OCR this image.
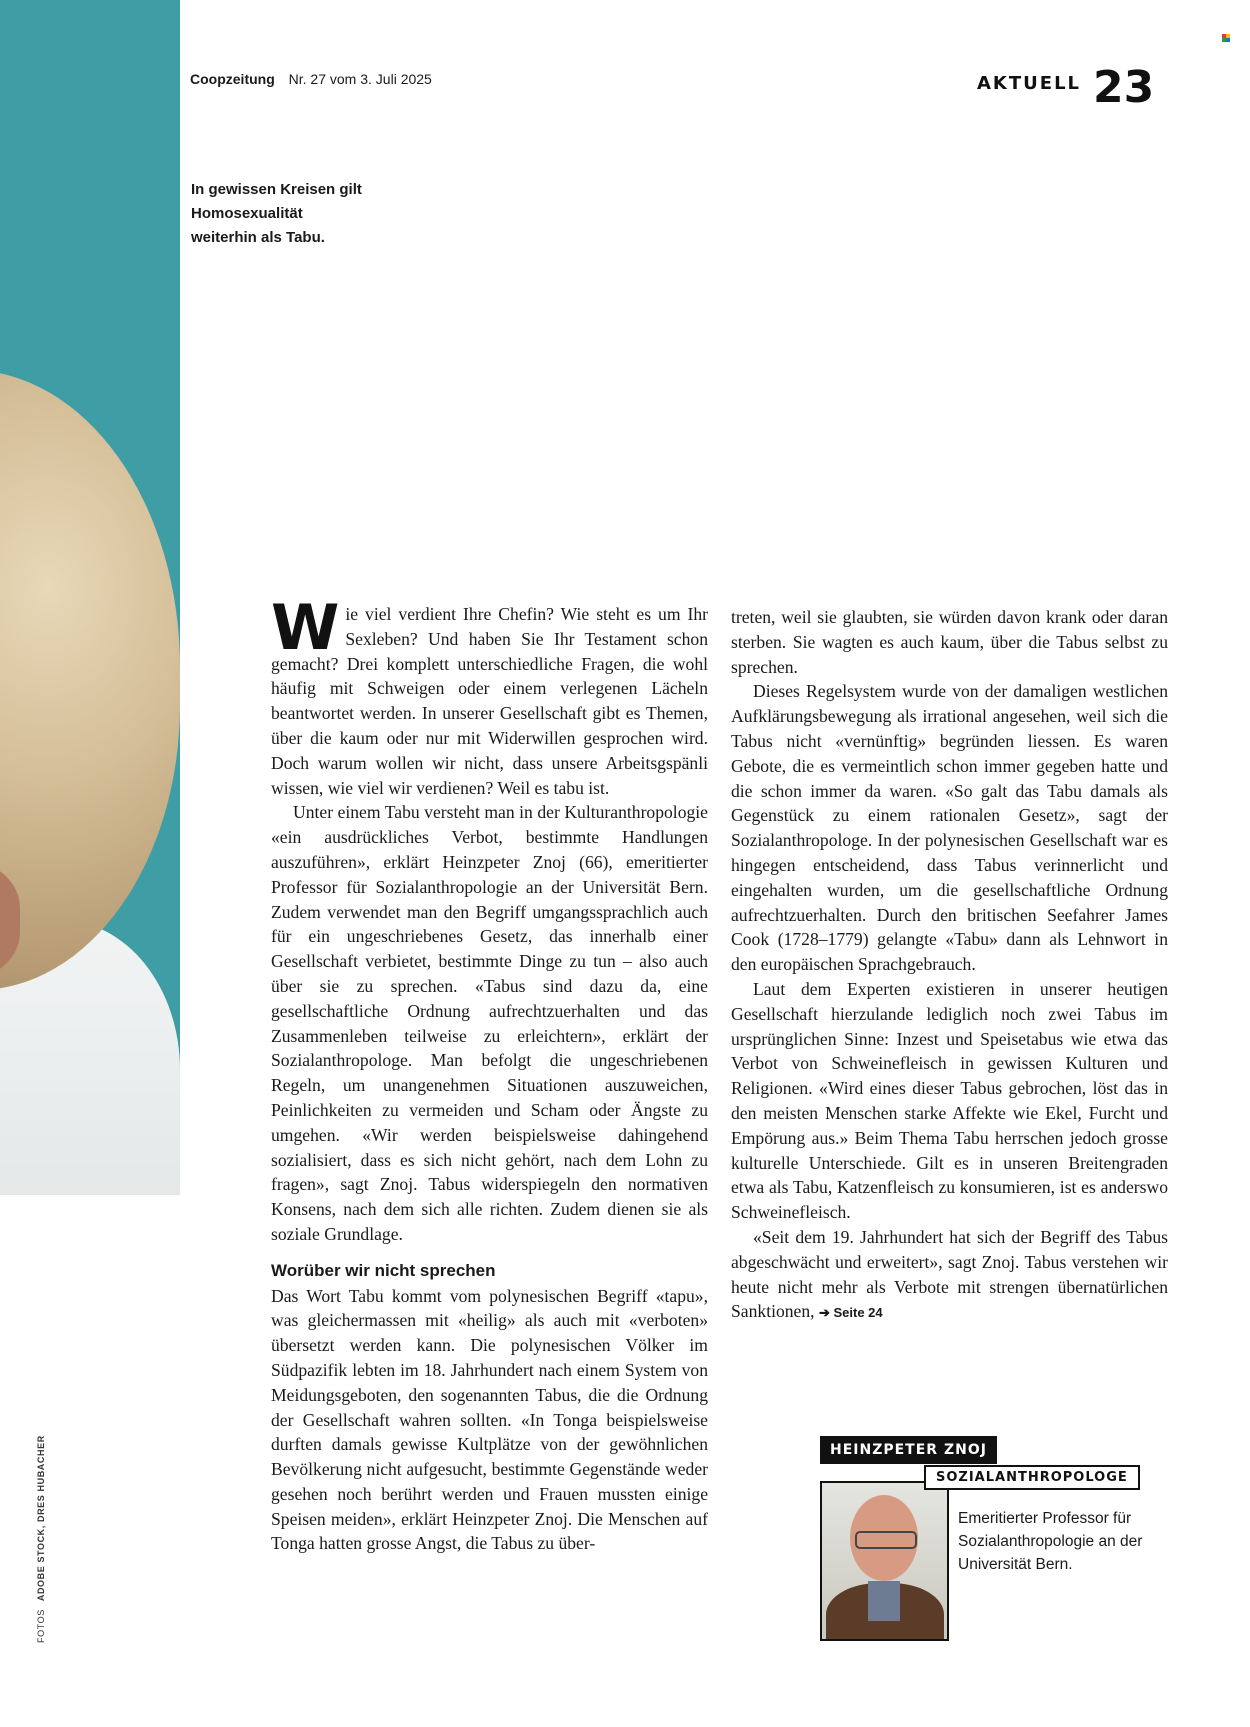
Coopzeitung Nr. 27 vom 3. Juli 2025	AKTUELL 23
In gewissen Kreisen gilt Homosexualität weiterhin als Tabu.

Wie viel verdient Ihre Chefin? Wie steht es um Ihr Sexleben? Und haben Sie Ihr Testament schon gemacht? Drei komplett unterschiedliche Fragen, die wohl häufig mit Schweigen oder einem verlegenen Lächeln beantwortet werden. In unserer Gesellschaft gibt es Themen, über die kaum oder nur mit Widerwillen gesprochen wird. Doch warum wollen wir nicht, dass unsere Arbeitsgspänli wissen, wie viel wir verdienen? Weil es tabu ist.

Unter einem Tabu versteht man in der Kulturanthropologie «ein ausdrückliches Verbot, bestimmte Handlungen auszuführen», erklärt Heinzpeter Znoj (66), emeritierter Professor für Sozialanthropologie an der Universität Bern. Zudem verwendet man den Begriff umgangssprachlich auch für ein ungeschriebenes Gesetz, das innerhalb einer Gesellschaft verbietet, bestimmte Dinge zu tun – also auch über sie zu sprechen. «Tabus sind dazu da, eine gesellschaftliche Ordnung aufrechtzuerhalten und das Zusammenleben teilweise zu erleichtern», erklärt der Sozialanthropologe. Man befolgt die ungeschriebenen Regeln, um unangenehmen Situationen auszuweichen, Peinlichkeiten zu vermeiden und Scham oder Ängste zu umgehen. «Wir werden beispielsweise dahingehend sozialisiert, dass es sich nicht gehört, nach dem Lohn zu fragen», sagt Znoj. Tabus widerspiegeln den normativen Konsens, nach dem sich alle richten. Zudem dienen sie als soziale Grundlage.

Worüber wir nicht sprechen

Das Wort Tabu kommt vom polynesischen Begriff «tapu», was gleichermassen mit «heilig» als auch mit «verboten» übersetzt werden kann. Die polynesischen Völker im Südpazifik lebten im 18. Jahrhundert nach einem System von Meidungsgeboten, den sogenannten Tabus, die die Ordnung der Gesellschaft wahren sollten. «In Tonga beispielsweise durften damals gewisse Kultplätze von der gewöhnlichen Bevölkerung nicht aufgesucht, bestimmte Gegenstände weder gesehen noch berührt werden und Frauen mussten einige Speisen meiden», erklärt Heinzpeter Znoj. Die Menschen auf Tonga hatten grosse Angst, die Tabus zu über-

treten, weil sie glaubten, sie würden davon krank oder daran sterben. Sie wagten es auch kaum, über die Tabus selbst zu sprechen.

Dieses Regelsystem wurde von der damaligen westlichen Aufklärungsbewegung als irrational angesehen, weil sich die Tabus nicht «vernünftig» begründen liessen. Es waren Gebote, die es vermeintlich schon immer gegeben hatte und die schon immer da waren. «So galt das Tabu damals als Gegenstück zu einem rationalen Gesetz», sagt der Sozialanthropologe. In der polynesischen Gesellschaft war es hingegen entscheidend, dass Tabus verinnerlicht und eingehalten wurden, um die gesellschaftliche Ordnung aufrechtzuerhalten. Durch den britischen Seefahrer James Cook (1728–1779) gelangte «Tabu» dann als Lehnwort in den europäischen Sprachgebrauch.

Laut dem Experten existieren in unserer heutigen Gesellschaft hierzulande lediglich noch zwei Tabus im ursprünglichen Sinne: Inzest und Speisetabus wie etwa das Verbot von Schweinefleisch in gewissen Kulturen und Religionen. «Wird eines dieser Tabus gebrochen, löst das in den meisten Menschen starke Affekte wie Ekel, Furcht und Empörung aus.» Beim Thema Tabu herrschen jedoch grosse kulturelle Unterschiede. Gilt es in unseren Breitengraden etwa als Tabu, Katzenfleisch zu konsumieren, ist es anderswo Schweinefleisch.

«Seit dem 19. Jahrhundert hat sich der Begriff des Tabus abgeschwächt und erweitert», sagt Znoj. Tabus verstehen wir heute nicht mehr als Verbote mit strengen übernatürlichen Sanktionen, ➔ Seite 24

FOTOSADOBE STOCK, DRES HUBACHER	HEINZPETER ZNOJ
SOZIALANTHROPOLOGE
Emeritierter Professor für Sozialanthropologie an der Universität Bern.
